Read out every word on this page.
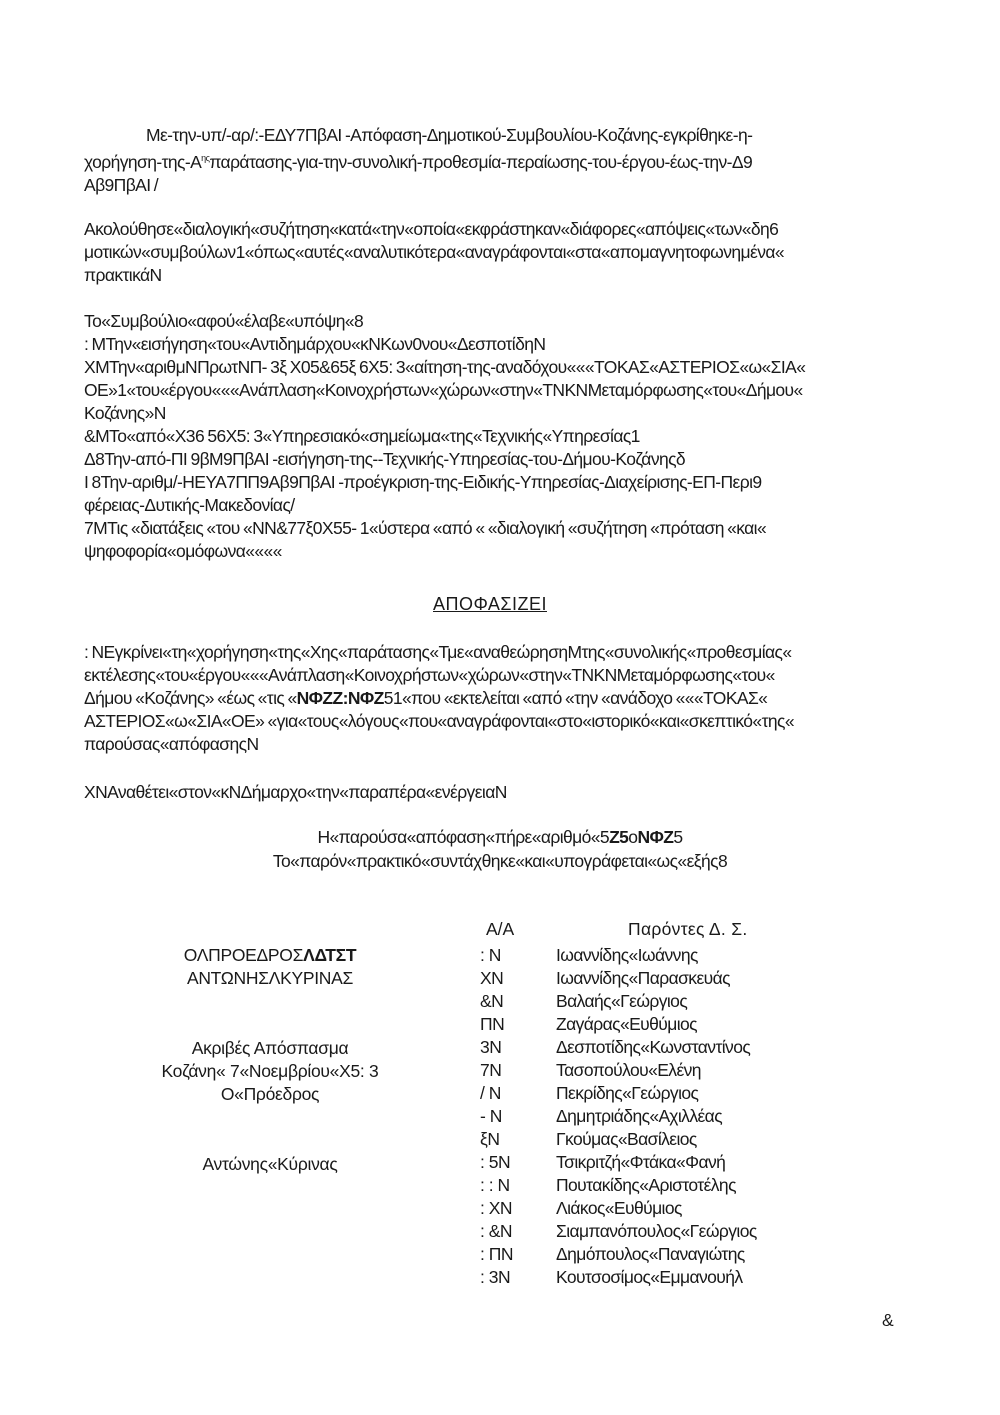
Με-την-υπ/-αρ/:-ΕΔΥ7ΠβΑΙ -Απόφαση-Δημοτικού-Συμβουλίου-Κοζάνης-εγκρίθηκε-η-
χορήγηση-$\tau\eta\varsigma-A^{\eta\varsigma}\pi\alpha\rho ά\tau\alpha\sigma\eta\varsigma-\gamma\iota\alpha-\tau\eta\nu-\sigma\upsilon\nu o\lambda\iota\kappa ή-\pi\rho o\theta\varepsilon\sigma\mu ί\alpha-\pi\varepsilon\rho\alpha ί\omega\sigma\eta\varsigma-\tau o\upsilon-έ\rho\gamma o\upsilon-έ\omega\varsigma-\tau\eta\nu-\Delta 9$
Αβ9ΠβΑΙ /
Ακολούθησε«διαλογική«συζήτηση«κατά«την«οποία«εκφράστηκαν«διάφορες«απόψεις«των«δη6
μοτικών«συμβούλων1«όπως«αυτές«αναλυτικότερα«αναγράφονται«στα«απομαγνητοφωνημένα«
πρακτικάΝ
Το«Συμβούλιο«αφού«έλαβε«υπόψη«8
: ΜΤην«εισήγηση«του«Αντιδημάρχου«κΝΚων0νου«ΔεσποτίδηΝ
ΧΜΤην«αριθμΝΠρωτΝΠ- 3ξ Χ05&65ξ 6Χ5: 3«αίτηση-της-αναδόχου«««ΤΟΚΑΣ«ΑΣΤΕΡΙΟΣ«ω«ΣΙΑ«
ΟΕ»1«του«έργου«««Ανάπλαση«Κοινοχρήστων«χώρων«στην«ΤΝΚΝΜεταμόρφωσης«του«Δήμου«
Κοζάνης»Ν
&ΜΤο«από«Χ36 56Χ5: 3«Υπηρεσιακό«σημείωμα«της«Τεχνικής«Υπηρεσίας1
Δ8Την-από-ΠΙ 9βΜ9ΠβΑΙ -εισήγηση-της--Τεχνικής-Υπηρεσίας-του-Δήμου-Κοζάνηςδ
Ι 8Την-αριθμ/-ΗΕΥΑ7ΠΠ9Αβ9ΠβΑΙ -προέγκριση-της-Ειδικής-Υπηρεσίας-Διαχείρισης-ΕΠ-Περι9
φέρειας-Δυτικής-Μακεδονίας/
7ΜΤις «διατάξεις «του «ΝΝ&77ξ0Χ55- 1«ύστερα «από « «διαλογική «συζήτηση «πρόταση «και«
ψηφοφορία«ομόφωνα««««
ΑΠΟΦΑΣΙΖΕΙ
: ΝΕγκρίνει«τη«χορήγηση«της«Χης«παράτασης«Τμε«αναθεώρησηΜτης«συνολικής«προθεσμίας«
εκτέλεσης«του«έργου«««Ανάπλαση«Κοινοχρήστων«χώρων«στην«ΤΝΚΝΜεταμόρφωσης«του«
Δήμου «Κοζάνης» «έως «τις «ΝΦΖΖ:ΝΦΖ51«που «εκτελείται «από «την «ανάδοχο «««ΤΟΚΑΣ«
ΑΣΤΕΡΙΟΣ«ω«ΣΙΑ«ΟΕ» «για«τους«λόγους«που«αναγράφονται«στο«ιστορικό«και«σκεπτικό«της«
παρούσας«απόφασηςΝ
ΧΝΑναθέτει«στον«κΝΔήμαρχο«την«παραπέρα«ενέργειαΝ
Η«παρούσα«απόφαση«πήρε«αριθμό«5Ζ5οΝΦΖ5
Το«παρόν«πρακτικό«συντάχθηκε«και«υπογράφεται«ως«εξής8
ΟΛΠΡΟΕΔΡΟΣΛΔΤΣΤ
ΑΝΤΩΝΗΣΛΚΥΡΙΝΑΣ
Ακριβές Απόσπασμα
Κοζάνη« 7«Νοεμβρίου«Χ5: 3
Ο«Πρόεδρος
Αντώνης«Κύρινας
Α/Α	Παρόντες Δ. Σ.
: Ν	Ιωαννίδης«Ιωάννης
ΧΝ	Ιωαννίδης«Παρασκευάς
&Ν	Βαλαής«Γεώργιος
ΠΝ	Ζαγάρας«Ευθύμιος
3Ν	Δεσποτίδης«Κωνσταντίνος
7Ν	Τασοπούλου«Ελένη
/ Ν	Πεκρίδης«Γεώργιος
- Ν	Δημητριάδης«Αχιλλέας
ξΝ	Γκούμας«Βασίλειος
: 5Ν	Τσικριτζή«Φτάκα«Φανή
: : Ν	Πουτακίδης«Αριστοτέλης
: ΧΝ	Λιάκος«Ευθύμιος
: &Ν	Σιαμπανόπουλος«Γεώργιος
: ΠΝ	Δημόπουλος«Παναγιώτης
: 3Ν	Κουτσοσίμος«Εμμανουήλ
&
